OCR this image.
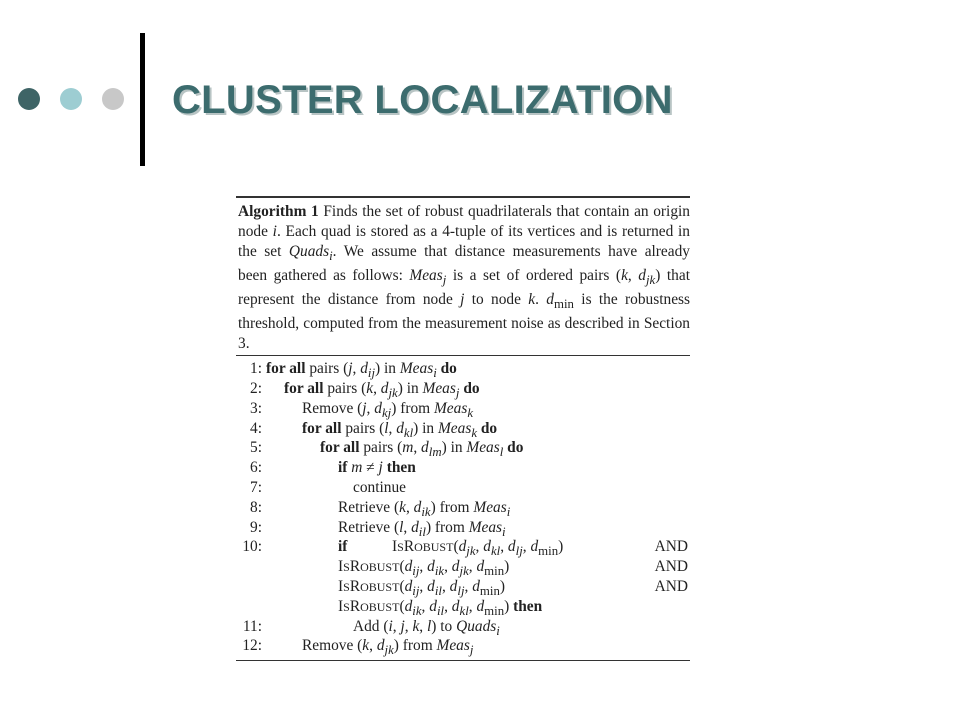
CLUSTER LOCALIZATION
Algorithm 1 Finds the set of robust quadrilaterals that contain an origin node i. Each quad is stored as a 4-tuple of its vertices and is returned in the set Quads$_i$. We assume that distance measurements have already been gathered as follows: Meas$_j$ is a set of ordered pairs (k, $d_{jk}$) that represent the distance from node j to node k. $d_{min}$ is the robustness threshold, computed from the measurement noise as described in Section 3.
1: for all pairs (j, $d_{ij}$) in Meas$_i$ do
2: for all pairs (k, $d_{jk}$) in Meas$_j$ do
3:	Remove (j, $d_{kj}$) from Meas$_k$
4:	for all pairs (l, $d_{kl}$) in Meas$_k$ do
5:	for all pairs (m, $d_{lm}$) in Meas$_l$ do
6:	if m ≠ j then
7:	continue
8:	Retrieve (k, $d_{ik}$) from Meas$_i$
9:	Retrieve (l, $d_{il}$) from Meas$_i$
10:	if	$ISROBUST(d_{jk}$, $d_{kl}$, $d_{lj}$, $d_{min}$)	AND
$ISROBUST(d_{ij}$, $d_{ik}$, $d_{jk}$, $d_{min}$)	AND
$ISROBUST(d_{ij}$, $d_{il}$, $d_{lj}$, $d_{min}$)	AND
$ISROBUST(d_{ik}$, $d_{il}$, $d_{kl}$, $d_{min}$) then
11:	Add (i, j, k, l) to Quads$_i$
12:	Remove (k, $d_{jk}$) from Meas$_j$
